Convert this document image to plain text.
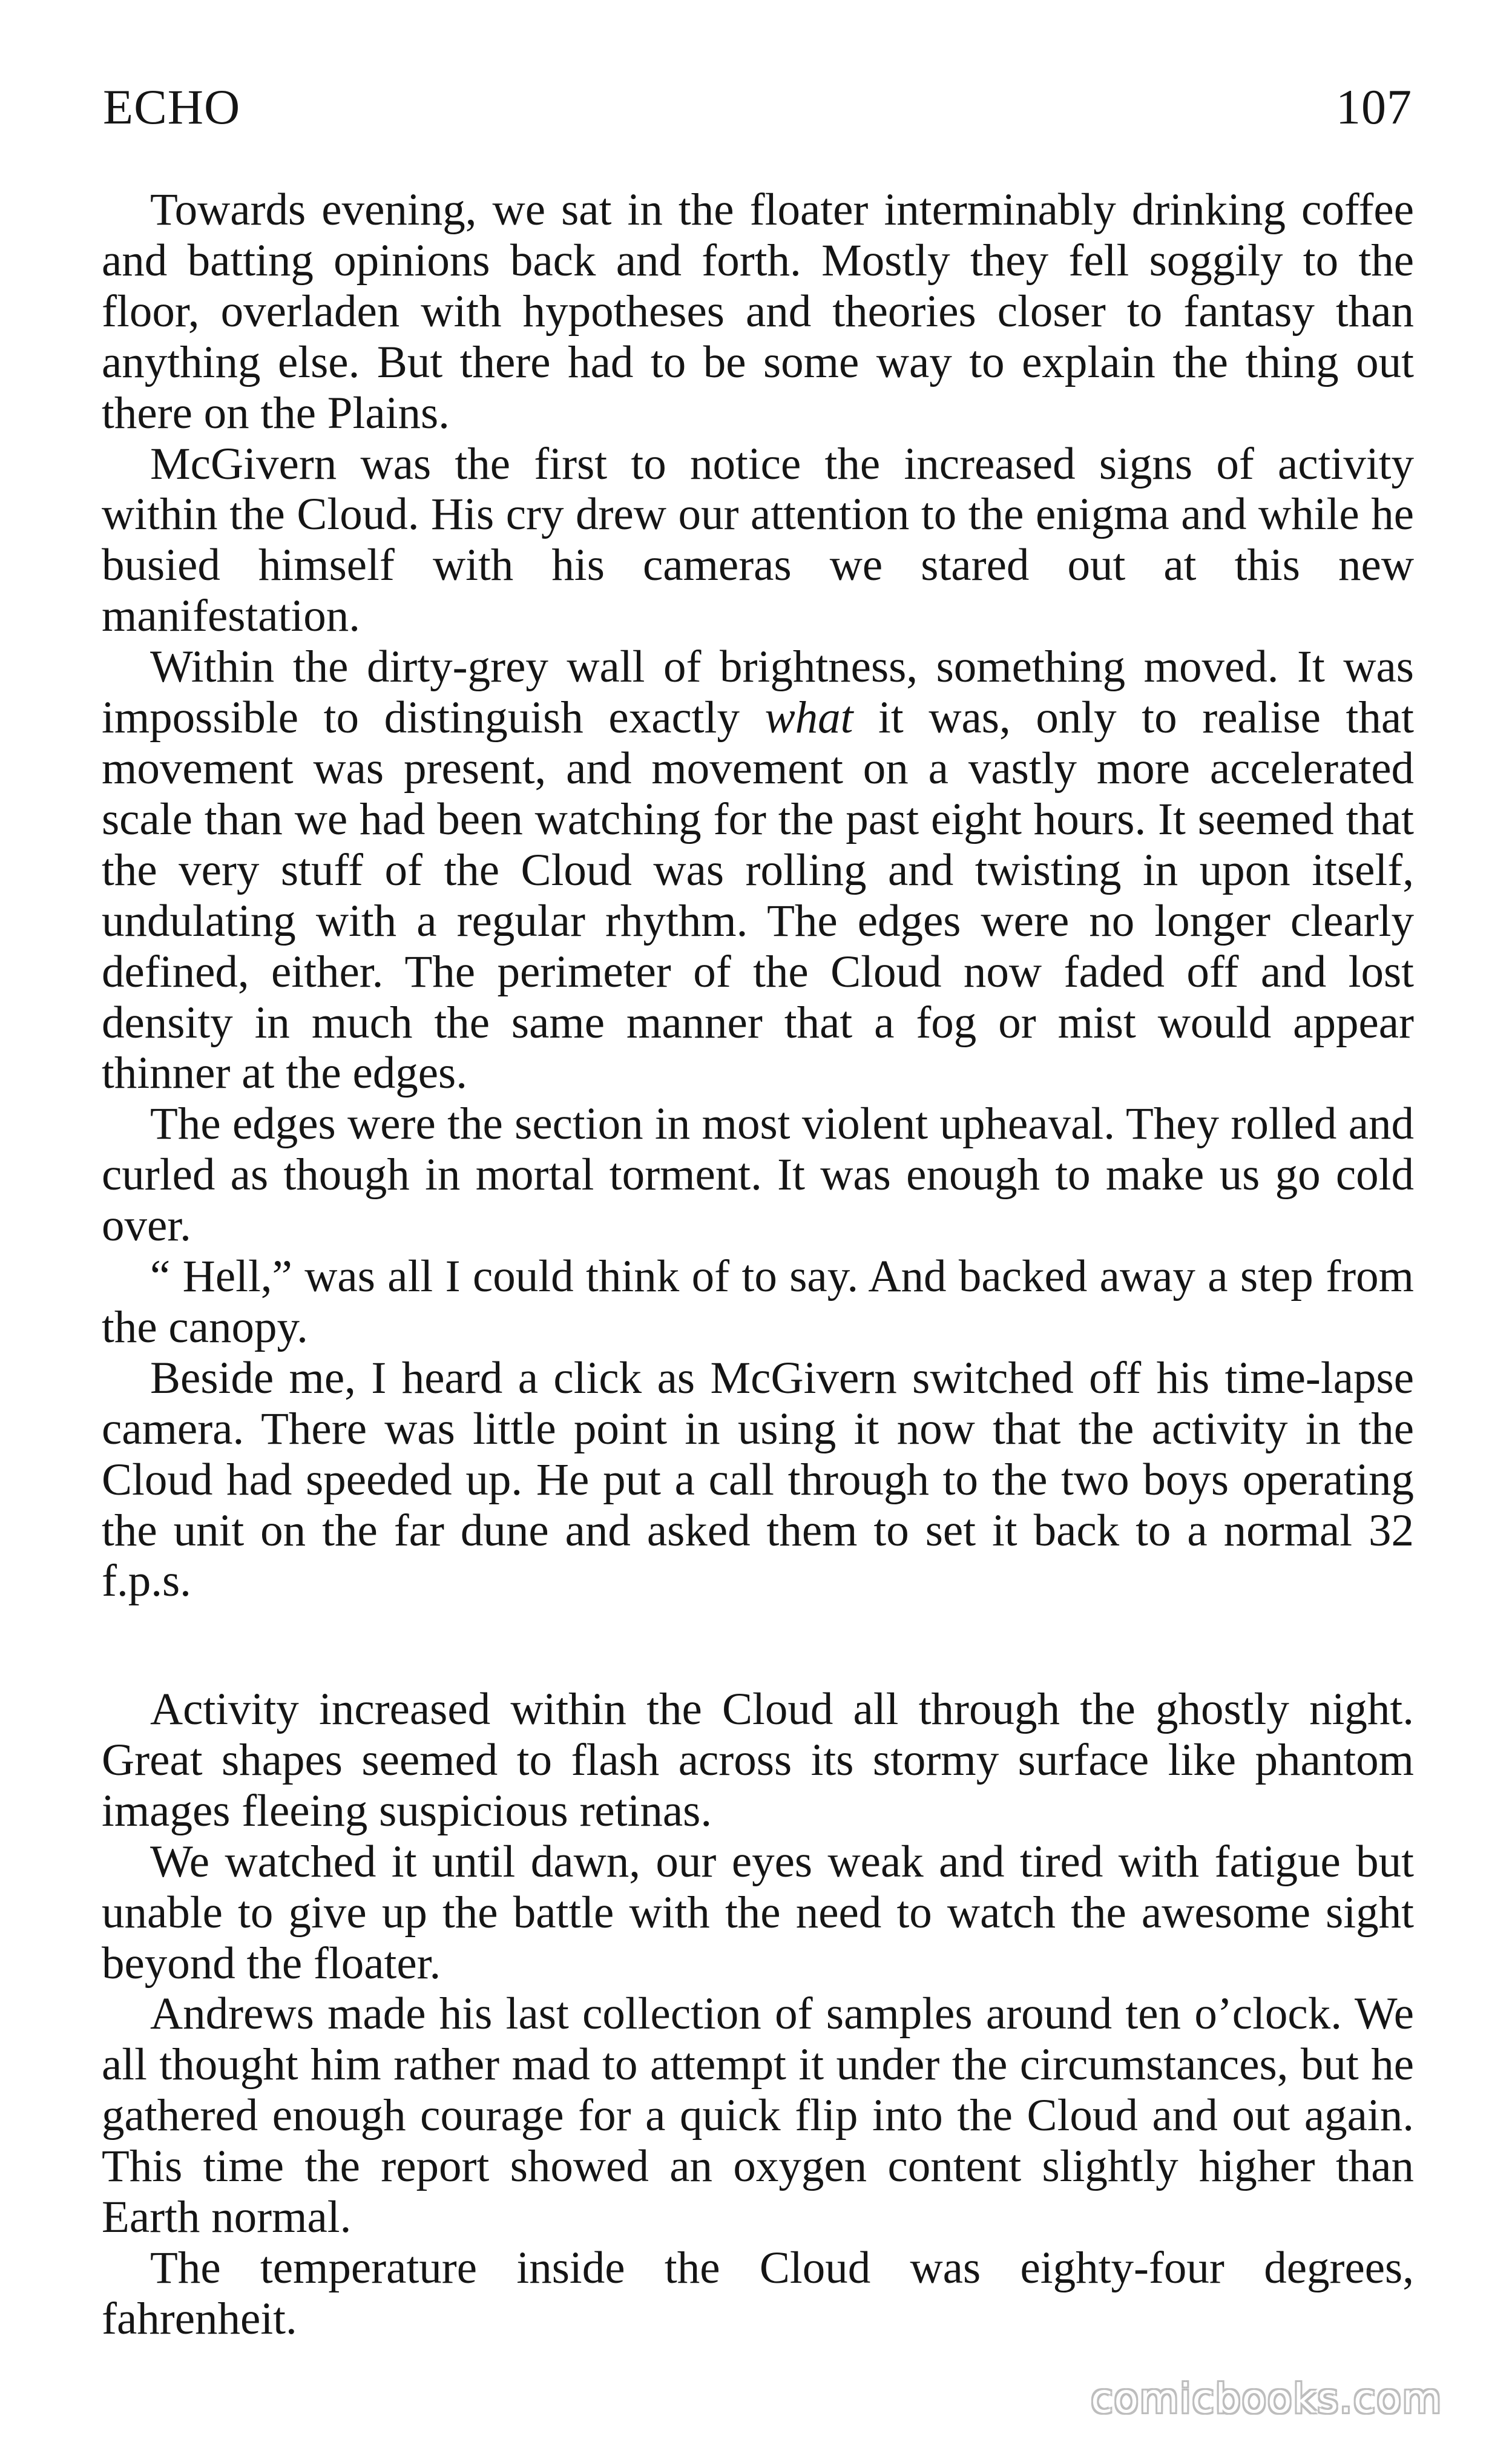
ECHO	107

Towards evening, we sat in the floater interminably drinking coffee and batting opinions back and forth. Mostly they fell soggily to the floor, overladen with hypotheses and theories closer to fantasy than anything else. But there had to be some way to explain the thing out there on the Plains.

McGivern was the first to notice the increased signs of activity within the Cloud. His cry drew our attention to the enigma and while he busied himself with his cameras we stared out at this new manifestation.

Within the dirty-grey wall of brightness, something moved. It was impossible to distinguish exactly what it was, only to realise that movement was present, and movement on a vastly more accelerated scale than we had been watching for the past eight hours. It seemed that the very stuff of the Cloud was rolling and twisting in upon itself, undulating with a regular rhythm. The edges were no longer clearly defined, either. The perimeter of the Cloud now faded off and lost density in much the same manner that a fog or mist would appear thinner at the edges.

The edges were the section in most violent upheaval. They rolled and curled as though in mortal torment. It was enough to make us go cold over.

“ Hell,” was all I could think of to say. And backed away a step from the canopy.

Beside me, I heard a click as McGivern switched off his time-lapse camera. There was little point in using it now that the activity in the Cloud had speeded up. He put a call through to the two boys operating the unit on the far dune and asked them to set it back to a normal 32 f.p.s.

Activity increased within the Cloud all through the ghostly night. Great shapes seemed to flash across its stormy surface like phantom images fleeing suspicious retinas.

We watched it until dawn, our eyes weak and tired with fatigue but unable to give up the battle with the need to watch the awesome sight beyond the floater.

Andrews made his last collection of samples around ten o’clock. We all thought him rather mad to attempt it under the circumstances, but he gathered enough courage for a quick flip into the Cloud and out again. This time the report showed an oxygen content slightly higher than Earth normal.

The temperature inside the Cloud was eighty-four degrees, fahrenheit.

comicbooks.com
